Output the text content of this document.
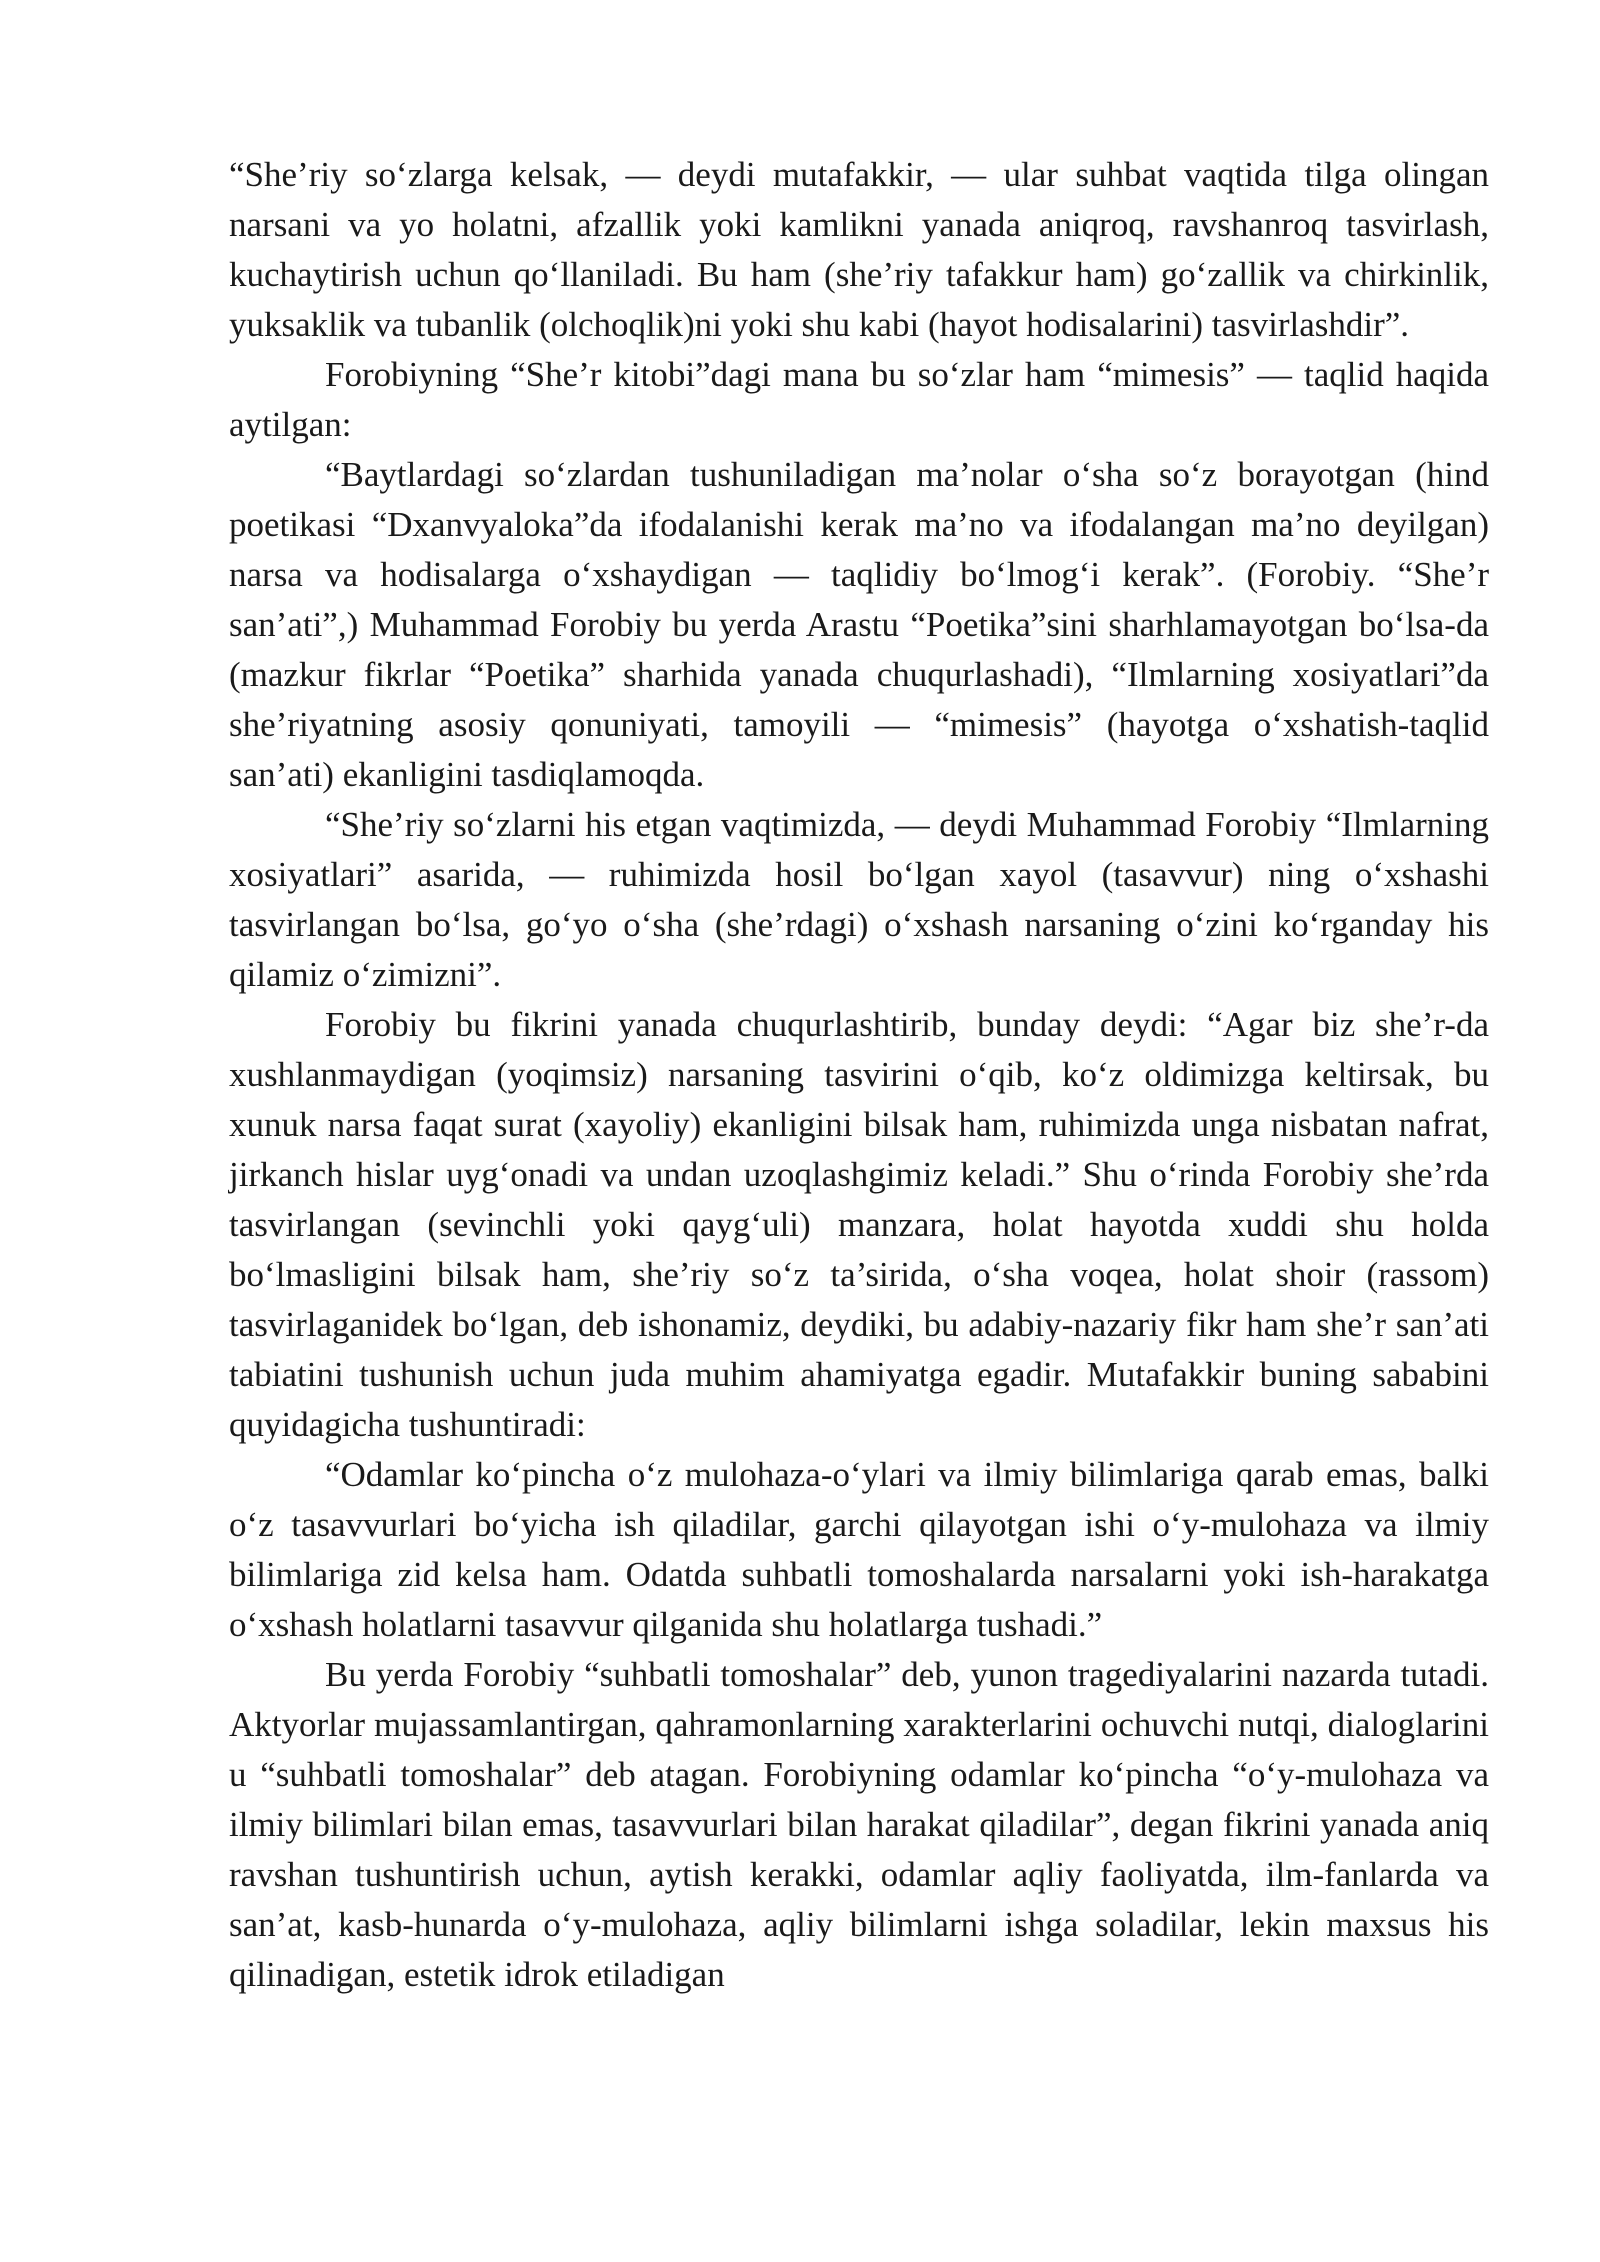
“She’riy so‘zlarga kelsak, — deydi mutafakkir, — ular suhbat vaqtida tilga olingan narsani va yo holatni, afzallik yoki kamlikni yanada aniqroq, ravshanroq tasvirlash, kuchaytirish uchun qo‘llaniladi. Bu ham (she’riy tafakkur ham) go‘zallik va chirkinlik, yuksaklik va tubanlik (olchoqlik)ni yoki shu kabi (hayot hodisalarini) tasvirlashdir”.

Forobiyning “She’r kitobi”dagi mana bu so‘zlar ham “mimesis” — taqlid haqida aytilgan:

“Baytlardagi so‘zlardan tushuniladigan ma’nolar o‘sha so‘z borayotgan (hind poetikasi “Dxanvyaloka”da ifodalanishi kerak ma’no va ifodalangan ma’no deyilgan) narsa va hodisalarga o‘xshaydigan — taqlidiy bo‘lmog‘i kerak”. (Forobiy. “She’r san’ati”,) Muhammad Forobiy bu yerda Arastu “Poetika”sini sharhlamayotgan bo‘lsa-da (mazkur fikrlar “Poetika” sharhida yanada chuqurlashadi), “Ilmlarning xosiyatlari”da she’riyatning asosiy qonuniyati, tamoyili — “mimesis” (hayotga o‘xshatish-taqlid san’ati) ekanligini tasdiqlamoqda.

“She’riy so‘zlarni his etgan vaqtimizda, — deydi Muhammad Forobiy “Ilmlarning xosiyatlari” asarida, — ruhimizda hosil bo‘lgan xayol (tasavvur) ning o‘xshashi tasvirlangan bo‘lsa, go‘yo o‘sha (she’rdagi) o‘xshash narsaning o‘zini ko‘rganday his qilamiz o‘zimizni”.

Forobiy bu fikrini yanada chuqurlashtirib, bunday deydi: “Agar biz she’r-da xushlanmaydigan (yoqimsiz) narsaning tasvirini o‘qib, ko‘z oldimizga keltirsak, bu xunuk narsa faqat surat (xayoliy) ekanligini bilsak ham, ruhimizda unga nisbatan nafrat, jirkanch hislar uyg‘onadi va undan uzoqlashgimiz keladi.” Shu o‘rinda Forobiy she’rda tasvirlangan (sevinchli yoki qayg‘uli) manzara, holat hayotda xuddi shu holda bo‘lmasligini bilsak ham, she’riy so‘z ta’sirida, o‘sha voqea, holat shoir (rassom) tasvirlaganidek bo‘lgan, deb ishonamiz, deydiki, bu adabiy-nazariy fikr ham she’r san’ati tabiatini tushunish uchun juda muhim ahamiyatga egadir. Mutafakkir buning sababini quyidagicha tushuntiradi:

“Odamlar ko‘pincha o‘z mulohaza-o‘ylari va ilmiy bilimlariga qarab emas, balki o‘z tasavvurlari bo‘yicha ish qiladilar, garchi qilayotgan ishi o‘y-mulohaza va ilmiy bilimlariga zid kelsa ham. Odatda suhbatli tomoshalarda narsalarni yoki ish-harakatga o‘xshash holatlarni tasavvur qilganida shu holatlarga tushadi.”

Bu yerda Forobiy “suhbatli tomoshalar” deb, yunon tragediyalarini nazarda tutadi. Aktyorlar mujassamlantirgan, qahramonlarning xarakterlarini ochuvchi nutqi, dialoglarini u “suhbatli tomoshalar” deb atagan. Forobiyning odamlar ko‘pincha “o‘y-mulohaza va ilmiy bilimlari bilan emas, tasavvurlari bilan harakat qiladilar”, degan fikrini yanada aniq ravshan tushuntirish uchun, aytish kerakki, odamlar aqliy faoliyatda, ilm-fanlarda va san’at, kasb-hunarda o‘y-mulohaza, aqliy bilimlarni ishga soladilar, lekin maxsus his qilinadigan, estetik idrok etiladigan
